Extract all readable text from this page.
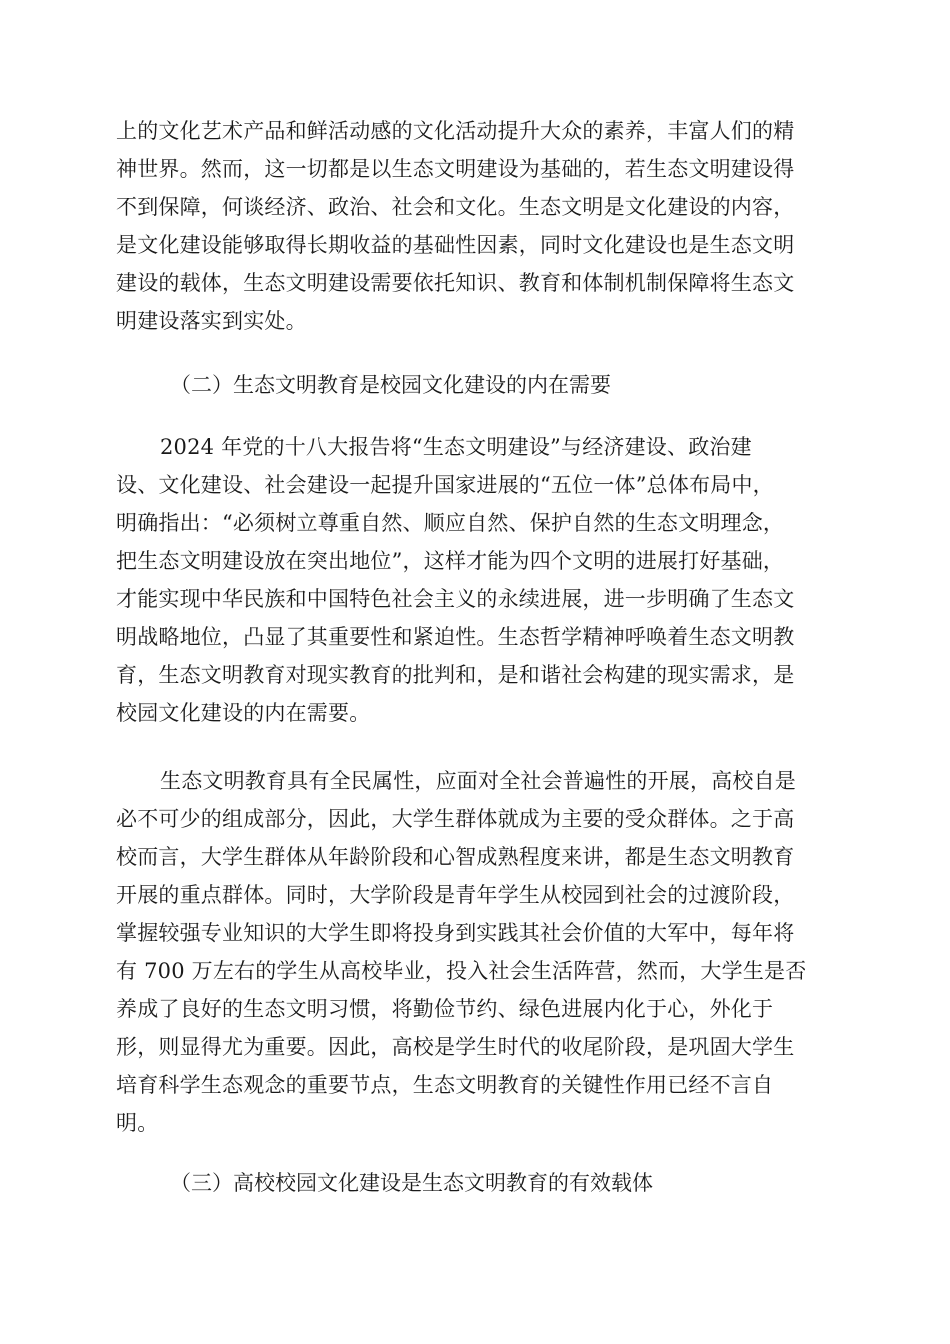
上的文化艺术产品和鲜活动感的文化活动提升大众的素养，丰富人们的精
神世界。然而，这一切都是以生态文明建设为基础的，若生态文明建设得
不到保障，何谈经济、政治、社会和文化。生态文明是文化建设的内容，
是文化建设能够取得长期收益的基础性因素，同时文化建设也是生态文明
建设的载体，生态文明建设需要依托知识、教育和体制机制保障将生态文
明建设落实到实处。
（二）生态文明教育是校园文化建设的内在需要
2024 年党的十八大报告将“生态文明建设”与经济建设、政治建
设、文化建设、社会建设一起提升国家进展的“五位一体”总体布局中，
明确指出：“必须树立尊重自然、顺应自然、保护自然的生态文明理念，
把生态文明建设放在突出地位”，这样才能为四个文明的进展打好基础，
才能实现中华民族和中国特色社会主义的永续进展，进一步明确了生态文
明战略地位，凸显了其重要性和紧迫性。生态哲学精神呼唤着生态文明教
育，生态文明教育对现实教育的批判和，是和谐社会构建的现实需求，是
校园文化建设的内在需要。
生态文明教育具有全民属性，应面对全社会普遍性的开展，高校自是
必不可少的组成部分，因此，大学生群体就成为主要的受众群体。之于高
校而言，大学生群体从年龄阶段和心智成熟程度来讲，都是生态文明教育
开展的重点群体。同时，大学阶段是青年学生从校园到社会的过渡阶段，
掌握较强专业知识的大学生即将投身到实践其社会价值的大军中，每年将
有 700 万左右的学生从高校毕业，投入社会生活阵营，然而，大学生是否
养成了良好的生态文明习惯，将勤俭节约、绿色进展内化于心，外化于
形，则显得尤为重要。因此，高校是学生时代的收尾阶段，是巩固大学生
培育科学生态观念的重要节点，生态文明教育的关键性作用已经不言自
明。
（三）高校校园文化建设是生态文明教育的有效载体
